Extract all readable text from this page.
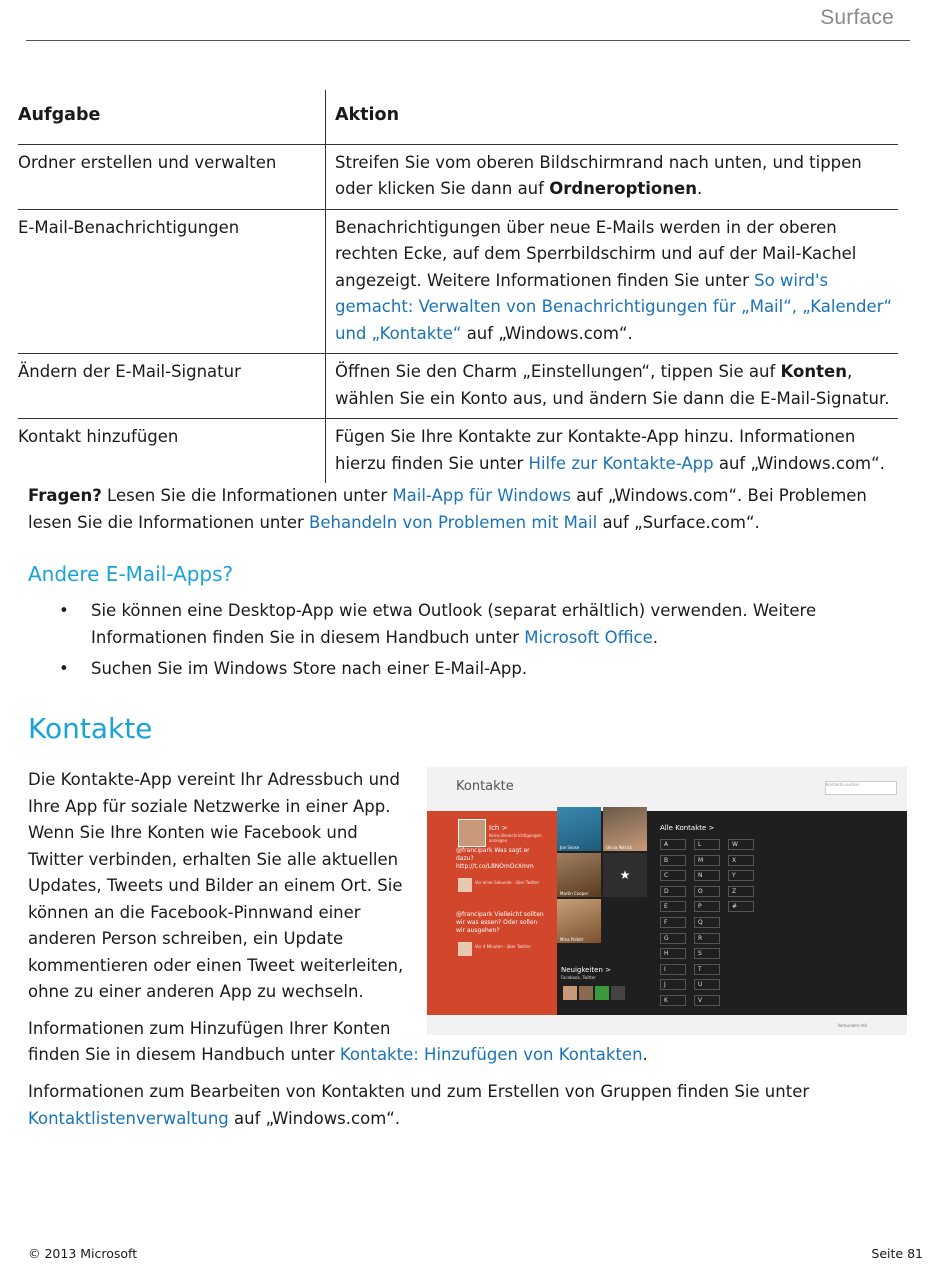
Surface
Aufgabe	Aktion
Ordner erstellen und verwalten	Streifen Sie vom oberen Bildschirmrand nach unten, und tippen oder klicken Sie dann auf Ordneroptionen.
E-Mail-Benachrichtigungen	Benachrichtigungen über neue E-Mails werden in der oberen rechten Ecke, auf dem Sperrbildschirm und auf der Mail-Kachel angezeigt. Weitere Informationen finden Sie unter So wird's gemacht: Verwalten von Benachrichtigungen für „Mail“, „Kalender“ und „Kontakte“ auf „Windows.com“.
Ändern der E-Mail-Signatur	Öffnen Sie den Charm „Einstellungen“, tippen Sie auf Konten, wählen Sie ein Konto aus, und ändern Sie dann die E-Mail-Signatur.
Kontakt hinzufügen	Fügen Sie Ihre Kontakte zur Kontakte-App hinzu. Informationen hierzu finden Sie unter Hilfe zur Kontakte-App auf „Windows.com“.
Fragen? Lesen Sie die Informationen unter Mail-App für Windows auf „Windows.com“. Bei Problemen lesen Sie die Informationen unter Behandeln von Problemen mit Mail auf „Surface.com“.
Andere E-Mail-Apps?
• Sie können eine Desktop-App wie etwa Outlook (separat erhältlich) verwenden. Weitere Informationen finden Sie in diesem Handbuch unter Microsoft Office.
• Suchen Sie im Windows Store nach einer E-Mail-App.
Kontakte
Die Kontakte-App vereint Ihr Adressbuch und Ihre App für soziale Netzwerke in einer App. Wenn Sie Ihre Konten wie Facebook und Twitter verbinden, erhalten Sie alle aktuellen Updates, Tweets und Bilder an einem Ort. Sie können an die Facebook-Pinnwand einer anderen Person schreiben, ein Update kommentieren oder einen Tweet weiterleiten, ohne zu einer anderen App zu wechseln.
Kontakte	Kontakte suchen
Ich >
Keine Benachrichtigungen anzeigen
@francipark Was sagt er dazu? http://t.co/L8NOmOcXmm
Vor einer Sekunde · über Twitter
@francipark Vielleicht sollten wir was essen? Oder sollen wir ausgehen?
Vor 4 Minuten · über Twitter
Joe Sinise	Olivia Patrick
Martin Cooper
★
Mina Pollott
Neuigkeiten >
Facebook, Twitter
Alle Kontakte >
A
B
C
D
E
F
G
H
I
J
K
L
M
N
O
P
Q
R
S
T
U
V
W
X
Y
Z
#
Verbunden mit
Informationen zum Hinzufügen Ihrer Konten
finden Sie in diesem Handbuch unter Kontakte: Hinzufügen von Kontakten.
Informationen zum Bearbeiten von Kontakten und zum Erstellen von Gruppen finden Sie unter Kontaktlistenverwaltung auf „Windows.com“.
© 2013 Microsoft	Seite 81
